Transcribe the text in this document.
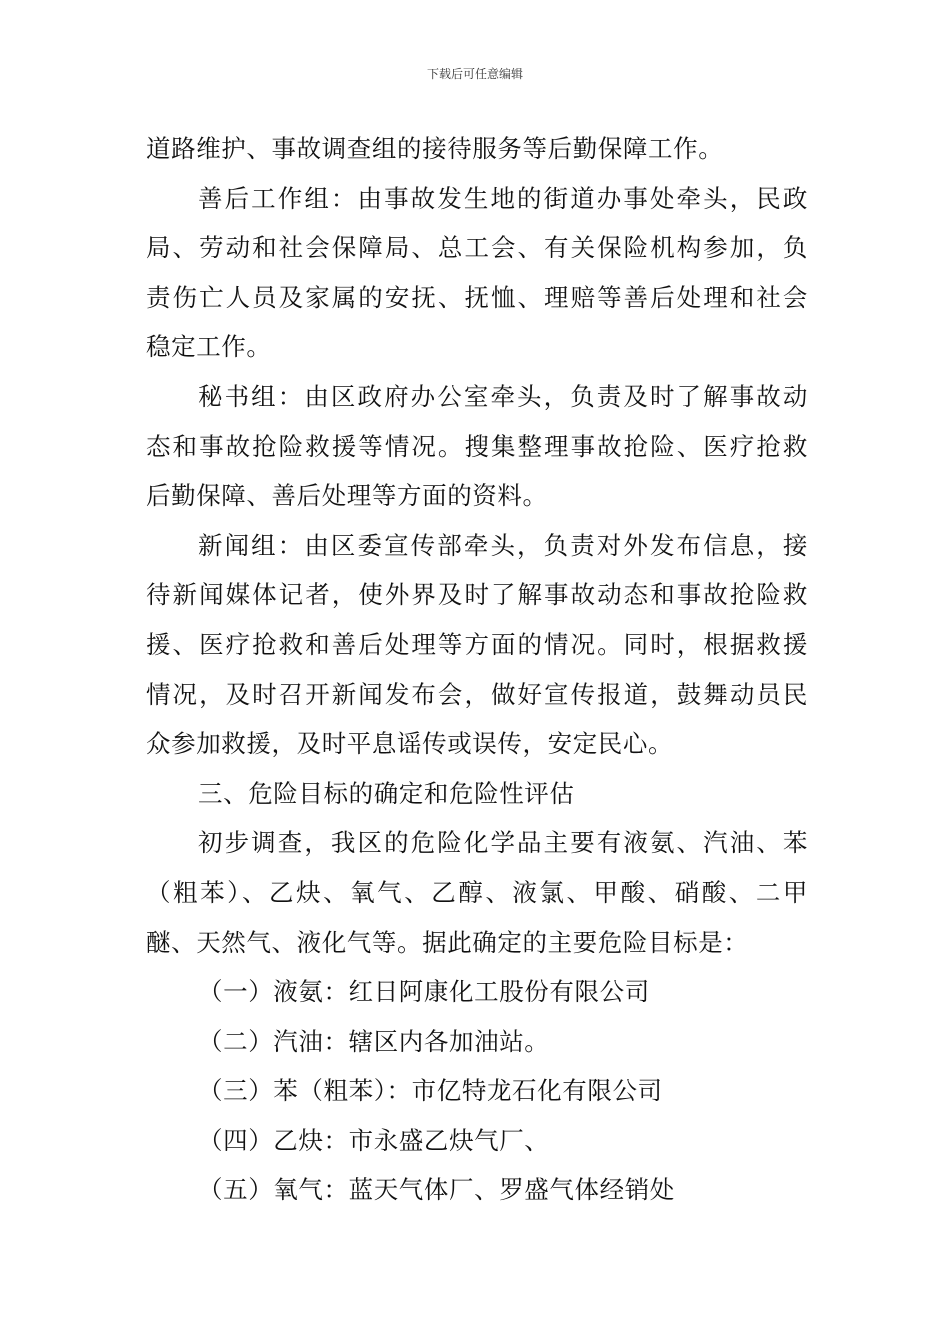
下载后可任意编辑
道路维护、事故调查组的接待服务等后勤保障工作。
善后工作组：由事故发生地的街道办事处牵头，民政
局、劳动和社会保障局、总工会、有关保险机构参加，负
责伤亡人员及家属的安抚、抚恤、理赔等善后处理和社会
稳定工作。
秘书组：由区政府办公室牵头，负责及时了解事故动
态和事故抢险救援等情况。搜集整理事故抢险、医疗抢救
后勤保障、善后处理等方面的资料。
新闻组：由区委宣传部牵头，负责对外发布信息，接
待新闻媒体记者，使外界及时了解事故动态和事故抢险救
援、医疗抢救和善后处理等方面的情况。同时，根据救援
情况，及时召开新闻发布会，做好宣传报道，鼓舞动员民
众参加救援，及时平息谣传或误传，安定民心。
三、危险目标的确定和危险性评估
初步调查，我区的危险化学品主要有液氨、汽油、苯
（粗苯）、乙炔、氧气、乙醇、液氯、甲酸、硝酸、二甲
醚、天然气、液化气等。据此确定的主要危险目标是：
（一）液氨：红日阿康化工股份有限公司
（二）汽油：辖区内各加油站。
（三）苯（粗苯）：市亿特龙石化有限公司
（四）乙炔：市永盛乙炔气厂、
（五）氧气：蓝天气体厂、罗盛气体经销处
